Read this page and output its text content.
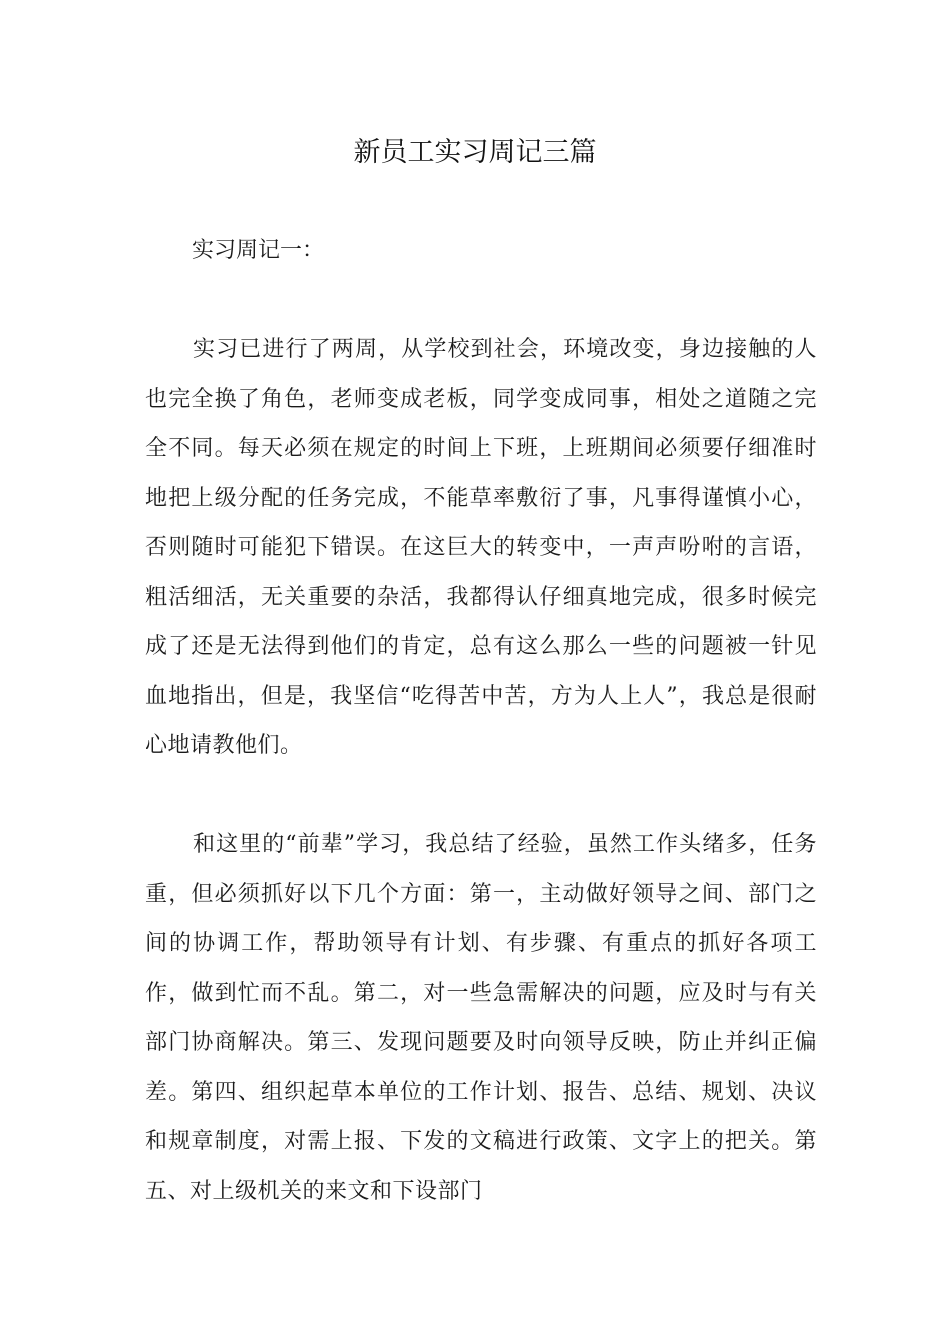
新员工实习周记三篇
实习周记一：
实习已进行了两周，从学校到社会，环境改变，身边接触的人也完全换了角色，老师变成老板，同学变成同事，相处之道随之完全不同。每天必须在规定的时间上下班，上班期间必须要仔细准时地把上级分配的任务完成，不能草率敷衍了事，凡事得谨慎小心，否则随时可能犯下错误。在这巨大的转变中，一声声吩咐的言语，粗活细活，无关重要的杂活，我都得认仔细真地完成，很多时候完成了还是无法得到他们的肯定，总有这么那么一些的问题被一针见血地指出，但是，我坚信“吃得苦中苦，方为人上人”，我总是很耐心地请教他们。
和这里的“前辈”学习，我总结了经验，虽然工作头绪多，任务重，但必须抓好以下几个方面：第一，主动做好领导之间、部门之间的协调工作，帮助领导有计划、有步骤、有重点的抓好各项工作，做到忙而不乱。第二，对一些急需解决的问题，应及时与有关部门协商解决。第三、发现问题要及时向领导反映，防止并纠正偏差。第四、组织起草本单位的工作计划、报告、总结、规划、决议和规章制度，对需上报、下发的文稿进行政策、文字上的把关。第五、对上级机关的来文和下设部门
